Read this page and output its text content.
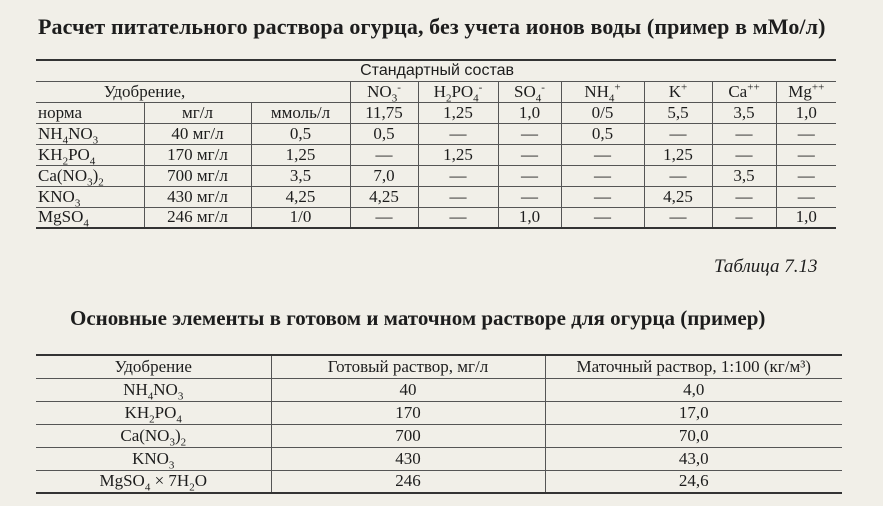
Расчет питательного раствора огурца, без учета ионов воды (пример в мМо/л)
Стандартный состав									
Удобрение,			$NO_3^-$	$H_2PO_4^-$	$SO_4^-$	$NH_4^+$	K+	Ca++	Mg++
норма	мг/л	ммоль/л	11,75	1,25	1,0	0/5	5,5	3,5	1,0
$NH_4NO_3$	40 мг/л	0,5	0,5	—	—	0,5	—	—	—
$KH_2PO_4$	170 мг/л	1,25	—	1,25	—	—	1,25	—	—
$Ca(NO_3)_2$	700 мг/л	3,5	7,0	—	—	—	—	3,5	—
$KNO_3$	430 мг/л	4,25	4,25	—	—	—	4,25	—	—
MgSO$_4$	246 мг/л	1/0	—	—	1,0	—	—	—	1,0
Таблица 7.13
Основные элементы в готовом и маточном растворе для огурца (пример)
Удобрение	Готовый раствор, мг/л	Маточный раствор, 1:100 (кг/м³)
$NH_4NO_3$	40	4,0
$KH_2PO_4$	170	17,0
$Ca(NO_3)_2$	700	70,0
$KNO_3$	430	43,0
MgSO$_4$ × $7H_2O$	246	24,6
